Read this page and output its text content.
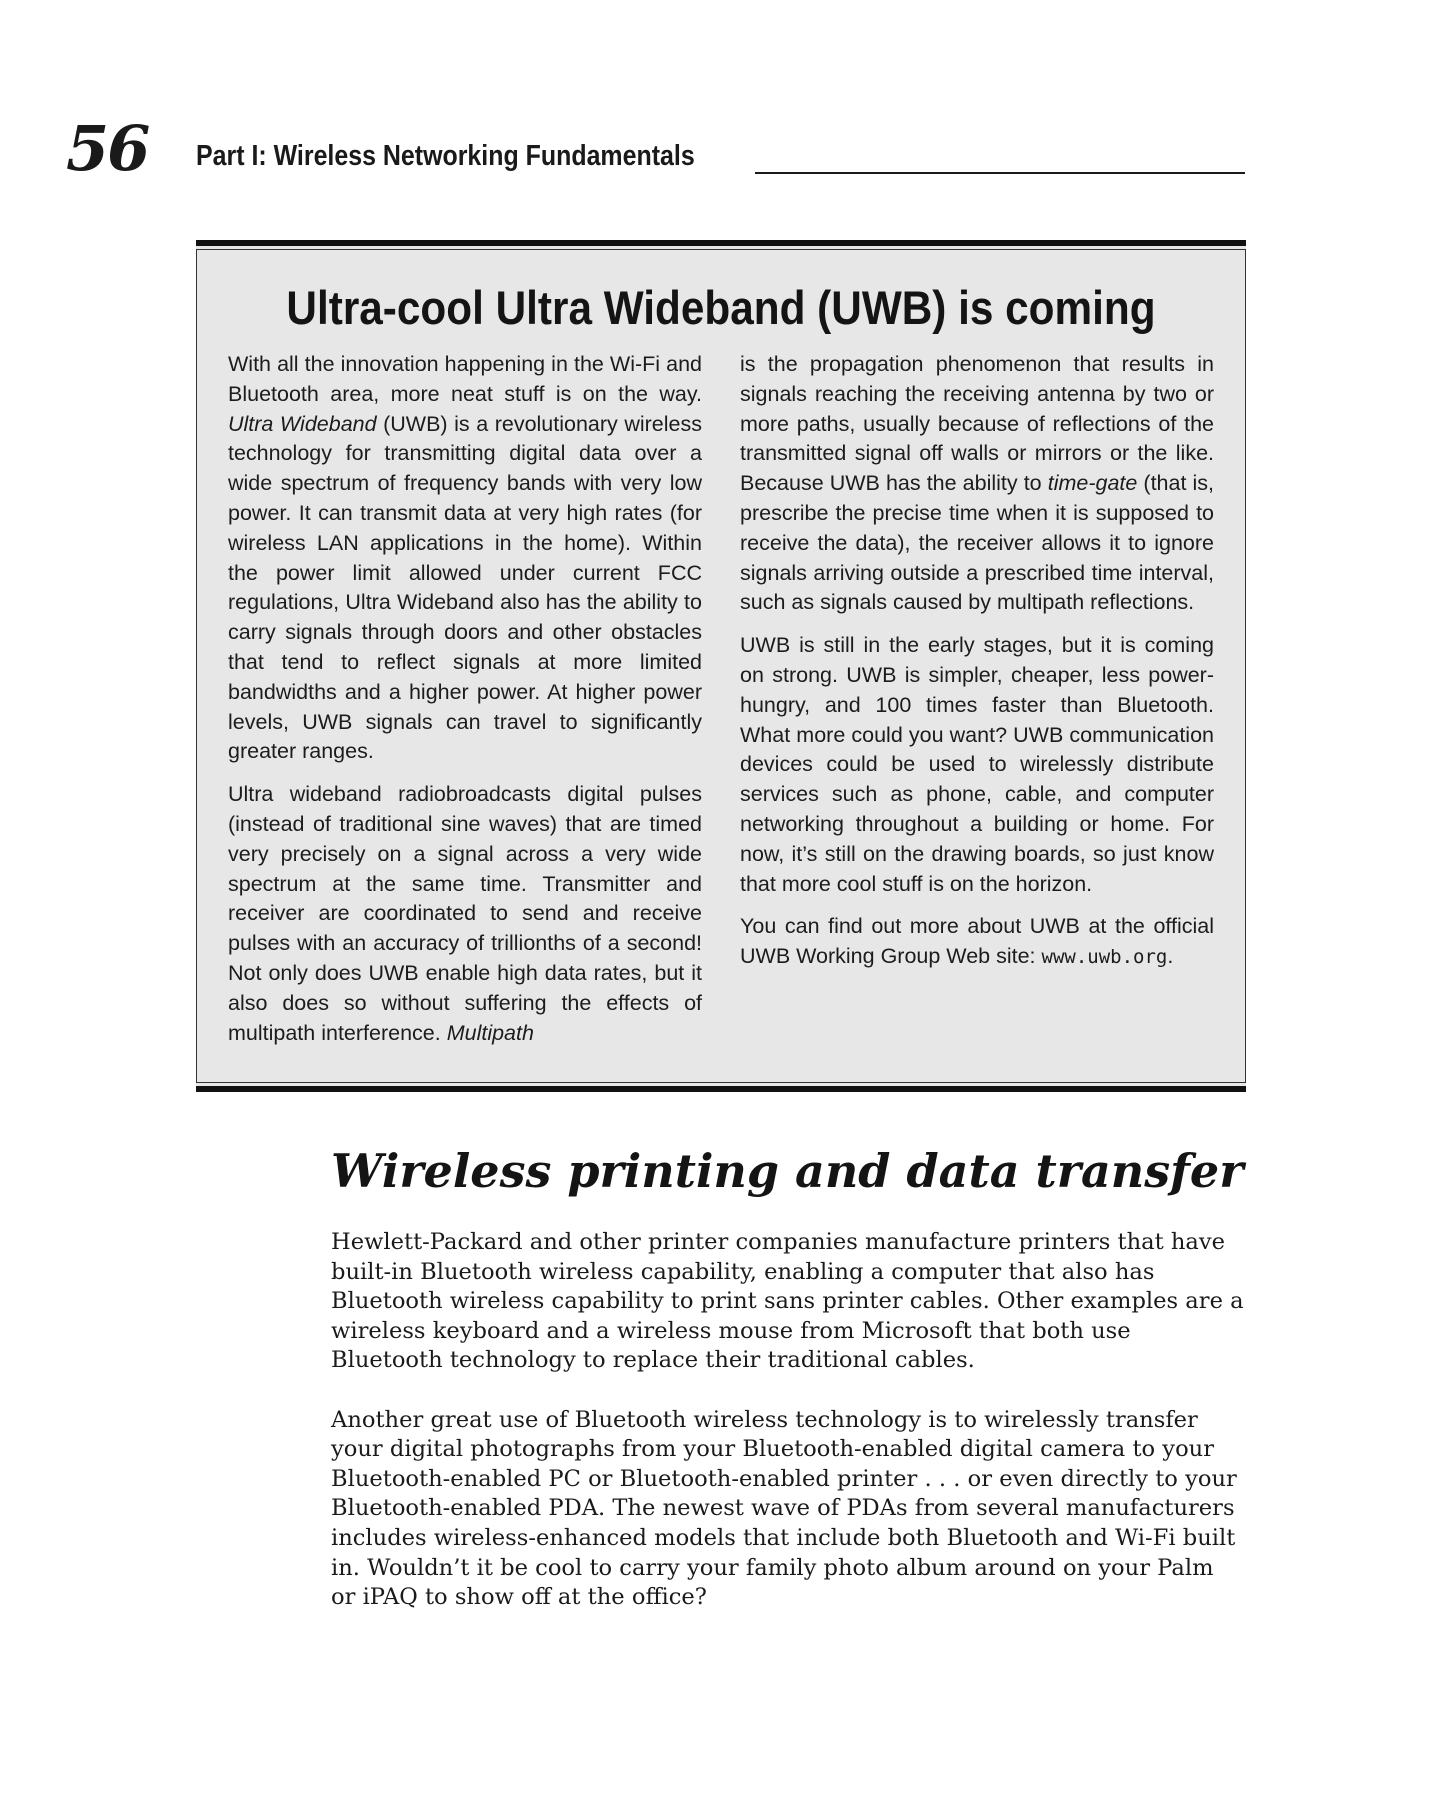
56 Part I: Wireless Networking Fundamentals
Ultra-cool Ultra Wideband (UWB) is coming

With all the innovation happening in the Wi-Fi and Bluetooth area, more neat stuff is on the way. Ultra Wideband (UWB) is a revolutionary wireless technology for transmitting digital data over a wide spectrum of frequency bands with very low power. It can transmit data at very high rates (for wireless LAN applications in the home). Within the power limit allowed under current FCC regulations, Ultra Wideband also has the ability to carry signals through doors and other obstacles that tend to reflect signals at more limited bandwidths and a higher power. At higher power levels, UWB signals can travel to significantly greater ranges.

Ultra wideband radiobroadcasts digital pulses (instead of traditional sine waves) that are timed very precisely on a signal across a very wide spectrum at the same time. Transmitter and receiver are coordinated to send and receive pulses with an accuracy of trillionths of a second! Not only does UWB enable high data rates, but it also does so without suffering the effects of multipath interference. Multipath

is the propagation phenomenon that results in signals reaching the receiving antenna by two or more paths, usually because of reflections of the transmitted signal off walls or mirrors or the like. Because UWB has the ability to time-gate (that is, prescribe the precise time when it is supposed to receive the data), the receiver allows it to ignore signals arriving outside a prescribed time interval, such as signals caused by multipath reflections.

UWB is still in the early stages, but it is coming on strong. UWB is simpler, cheaper, less power-hungry, and 100 times faster than Bluetooth. What more could you want? UWB communication devices could be used to wirelessly distribute services such as phone, cable, and computer networking throughout a building or home. For now, it’s still on the drawing boards, so just know that more cool stuff is on the horizon.

You can find out more about UWB at the official UWB Working Group Web site: www.uwb.org.

Wireless printing and data transfer

Hewlett-Packard and other printer companies manufacture printers that have built-in Bluetooth wireless capability, enabling a computer that also has Bluetooth wireless capability to print sans printer cables. Other examples are a wireless keyboard and a wireless mouse from Microsoft that both use Bluetooth technology to replace their traditional cables.

Another great use of Bluetooth wireless technology is to wirelessly transfer your digital photographs from your Bluetooth-enabled digital camera to your Bluetooth-enabled PC or Bluetooth-enabled printer . . . or even directly to your Bluetooth-enabled PDA. The newest wave of PDAs from several manufacturers includes wireless-enhanced models that include both Bluetooth and Wi-Fi built in. Wouldn’t it be cool to carry your family photo album around on your Palm or iPAQ to show off at the office?
